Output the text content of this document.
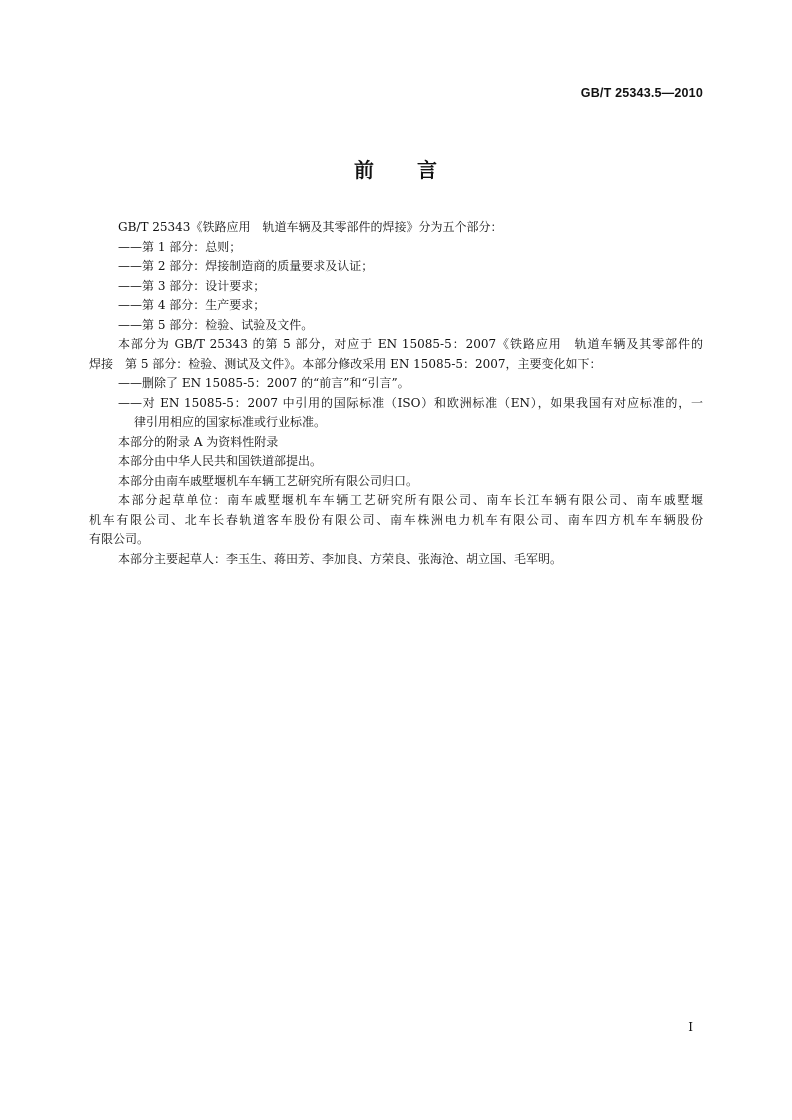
GB/T 25343.5—2010
前 言
GB/T 25343《铁路应用　轨道车辆及其零部件的焊接》分为五个部分：
——第 1 部分：总则；
——第 2 部分：焊接制造商的质量要求及认证；
——第 3 部分：设计要求；
——第 4 部分：生产要求；
——第 5 部分：检验、试验及文件。
本部分为 GB/T 25343 的第 5 部分，对应于 EN 15085-5：2007《铁路应用　轨道车辆及其零部件的
焊接　第 5 部分：检验、测试及文件》。本部分修改采用 EN 15085-5：2007，主要变化如下：
——删除了 EN 15085-5：2007 的“前言”和“引言”。
——对 EN 15085-5：2007 中引用的国际标准（ISO）和欧洲标准（EN），如果我国有对应标准的，一
律引用相应的国家标准或行业标准。
本部分的附录 A 为资料性附录
本部分由中华人民共和国铁道部提出。
本部分由南车戚墅堰机车车辆工艺研究所有限公司归口。
本部分起草单位：南车戚墅堰机车车辆工艺研究所有限公司、南车长江车辆有限公司、南车戚墅堰
机车有限公司、北车长春轨道客车股份有限公司、南车株洲电力机车有限公司、南车四方机车车辆股份
有限公司。
本部分主要起草人：李玉生、蒋田芳、李加良、方荣良、张海沧、胡立国、毛军明。
I
